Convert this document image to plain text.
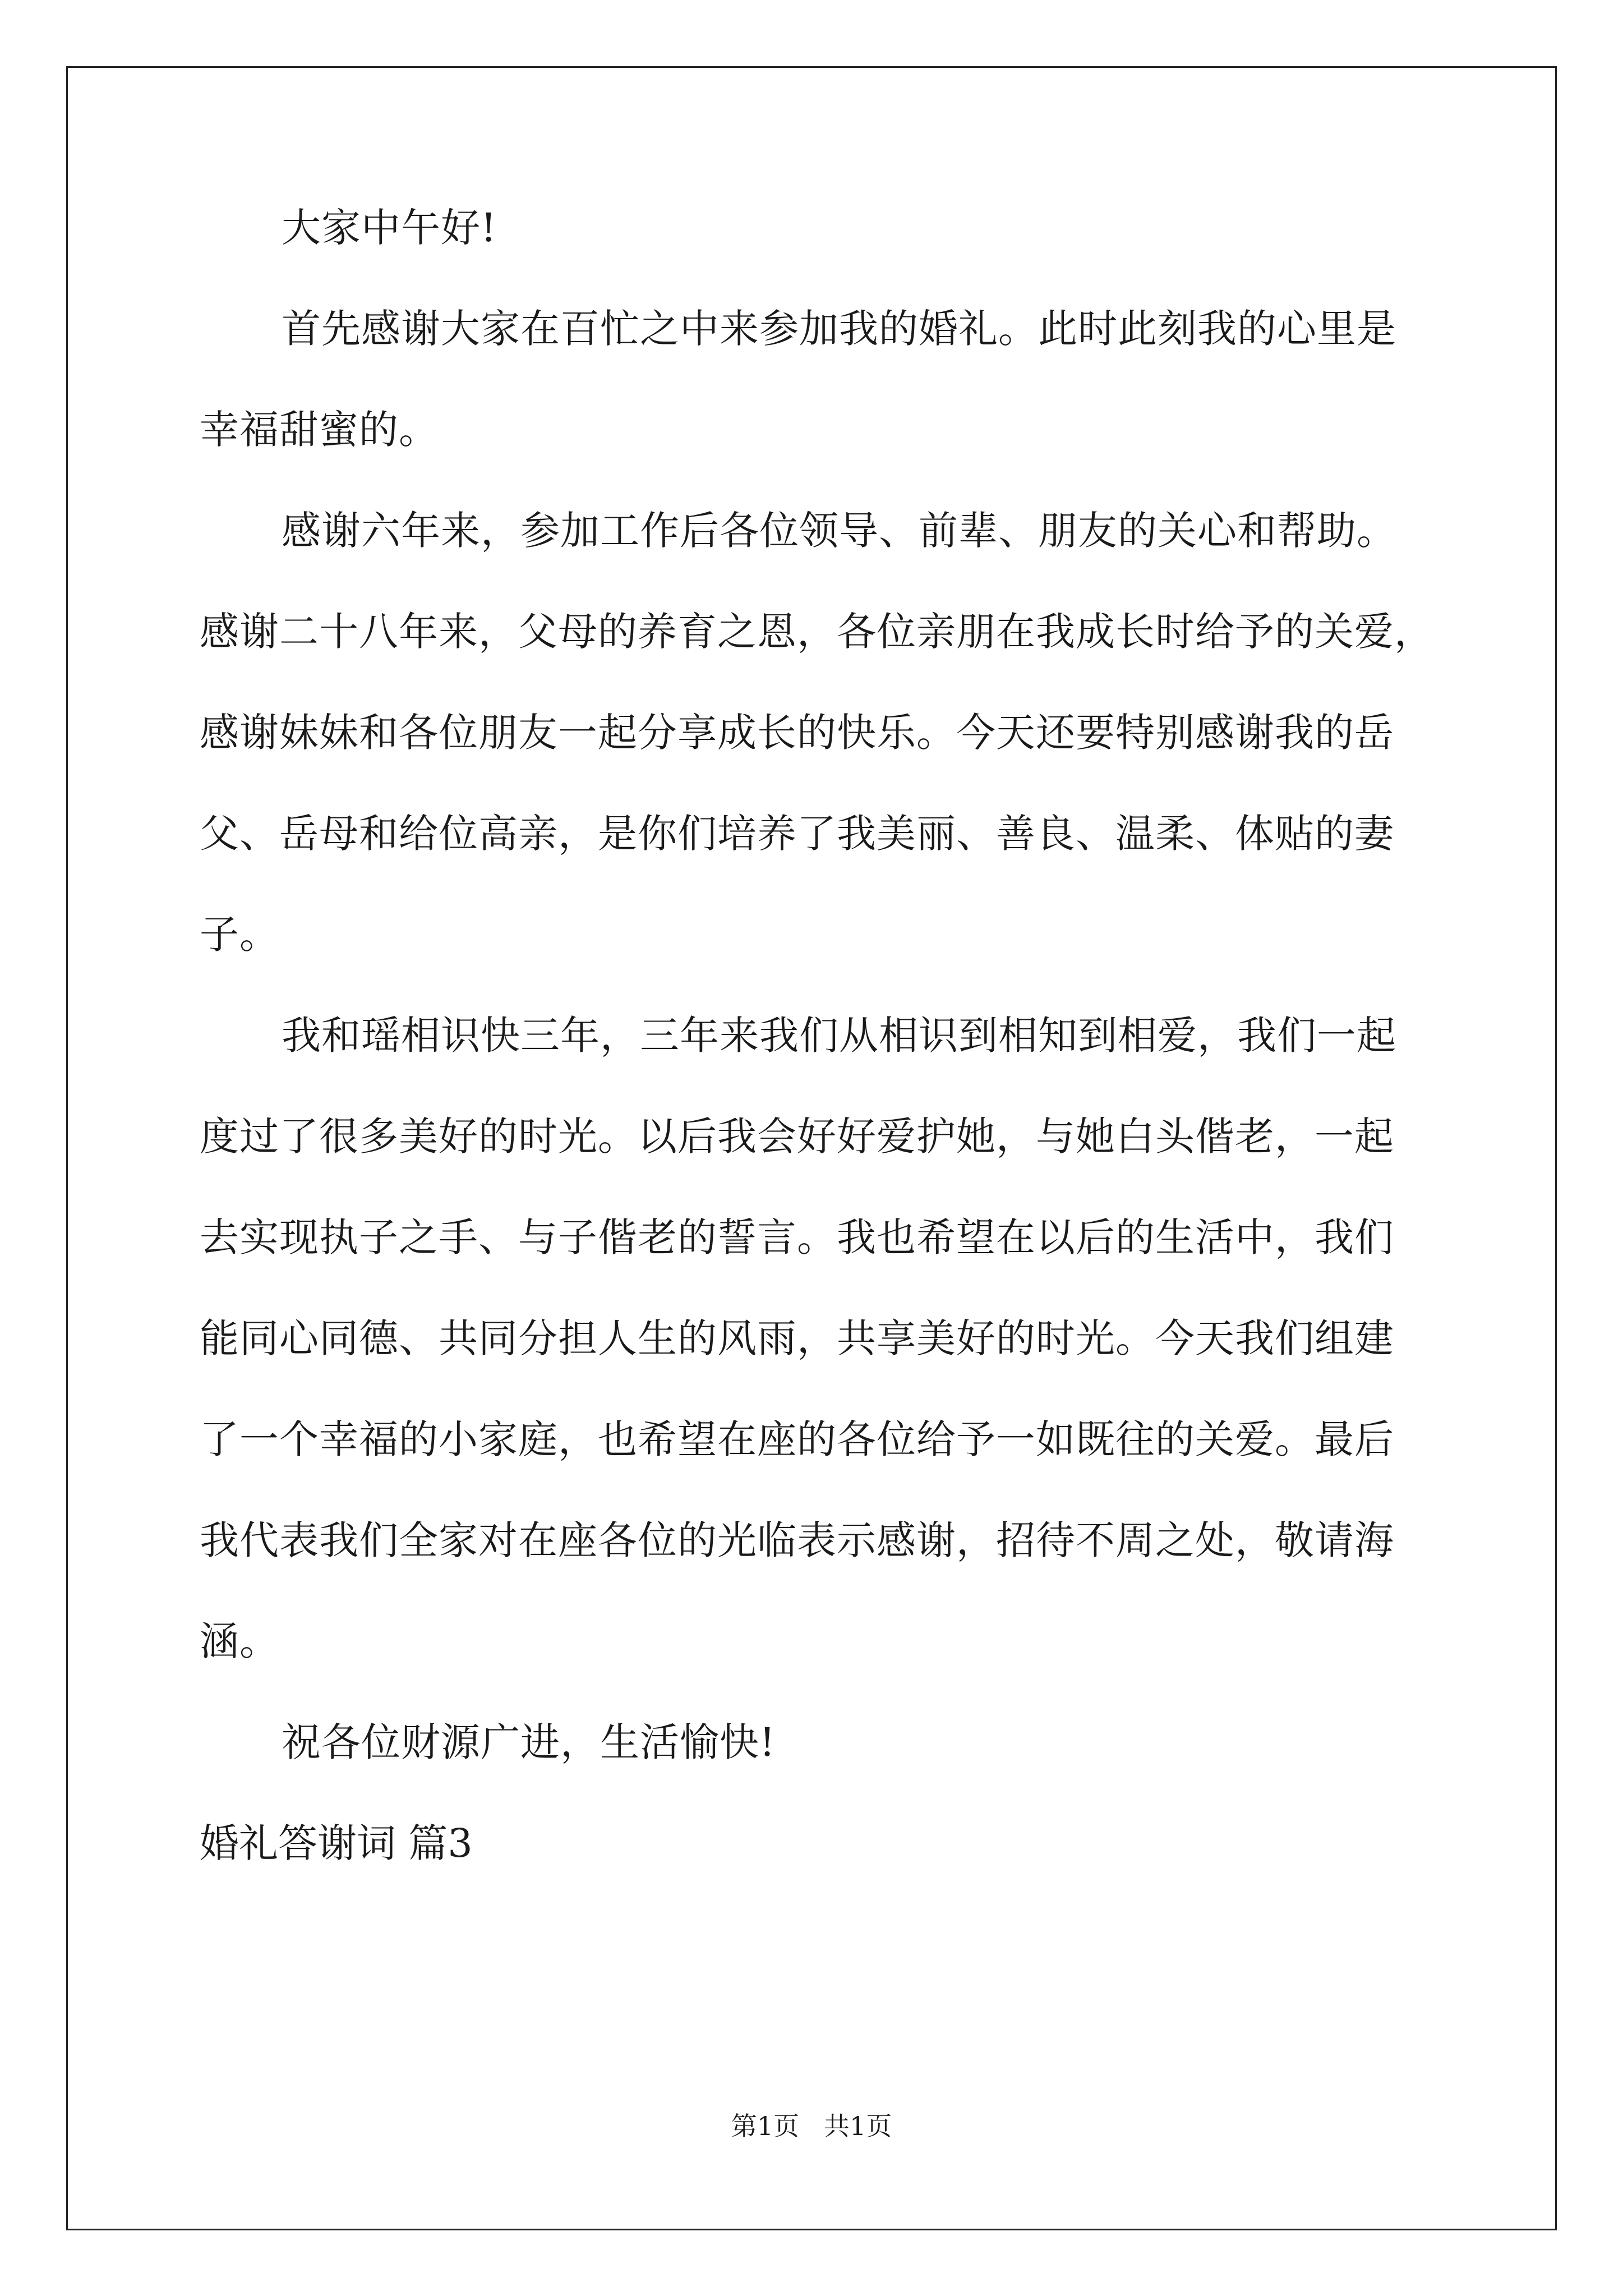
大家中午好!
首先感谢大家在百忙之中来参加我的婚礼。此时此刻我的心里是
幸福甜蜜的。
感谢六年来，参加工作后各位领导、前辈、朋友的关心和帮助。
感谢二十八年来，父母的养育之恩，各位亲朋在我成长时给予的关爱，
感谢妹妹和各位朋友一起分享成长的快乐。今天还要特别感谢我的岳
父、岳母和给位高亲，是你们培养了我美丽、善良、温柔、体贴的妻
子。
我和瑶相识快三年，三年来我们从相识到相知到相爱，我们一起
度过了很多美好的时光。以后我会好好爱护她，与她白头偕老，一起
去实现执子之手、与子偕老的誓言。我也希望在以后的生活中，我们
能同心同德、共同分担人生的风雨，共享美好的时光。今天我们组建
了一个幸福的小家庭，也希望在座的各位给予一如既往的关爱。最后
我代表我们全家对在座各位的光临表示感谢，招待不周之处，敬请海
涵。
祝各位财源广进，生活愉快!
婚礼答谢词 篇3
第1页 共1页
